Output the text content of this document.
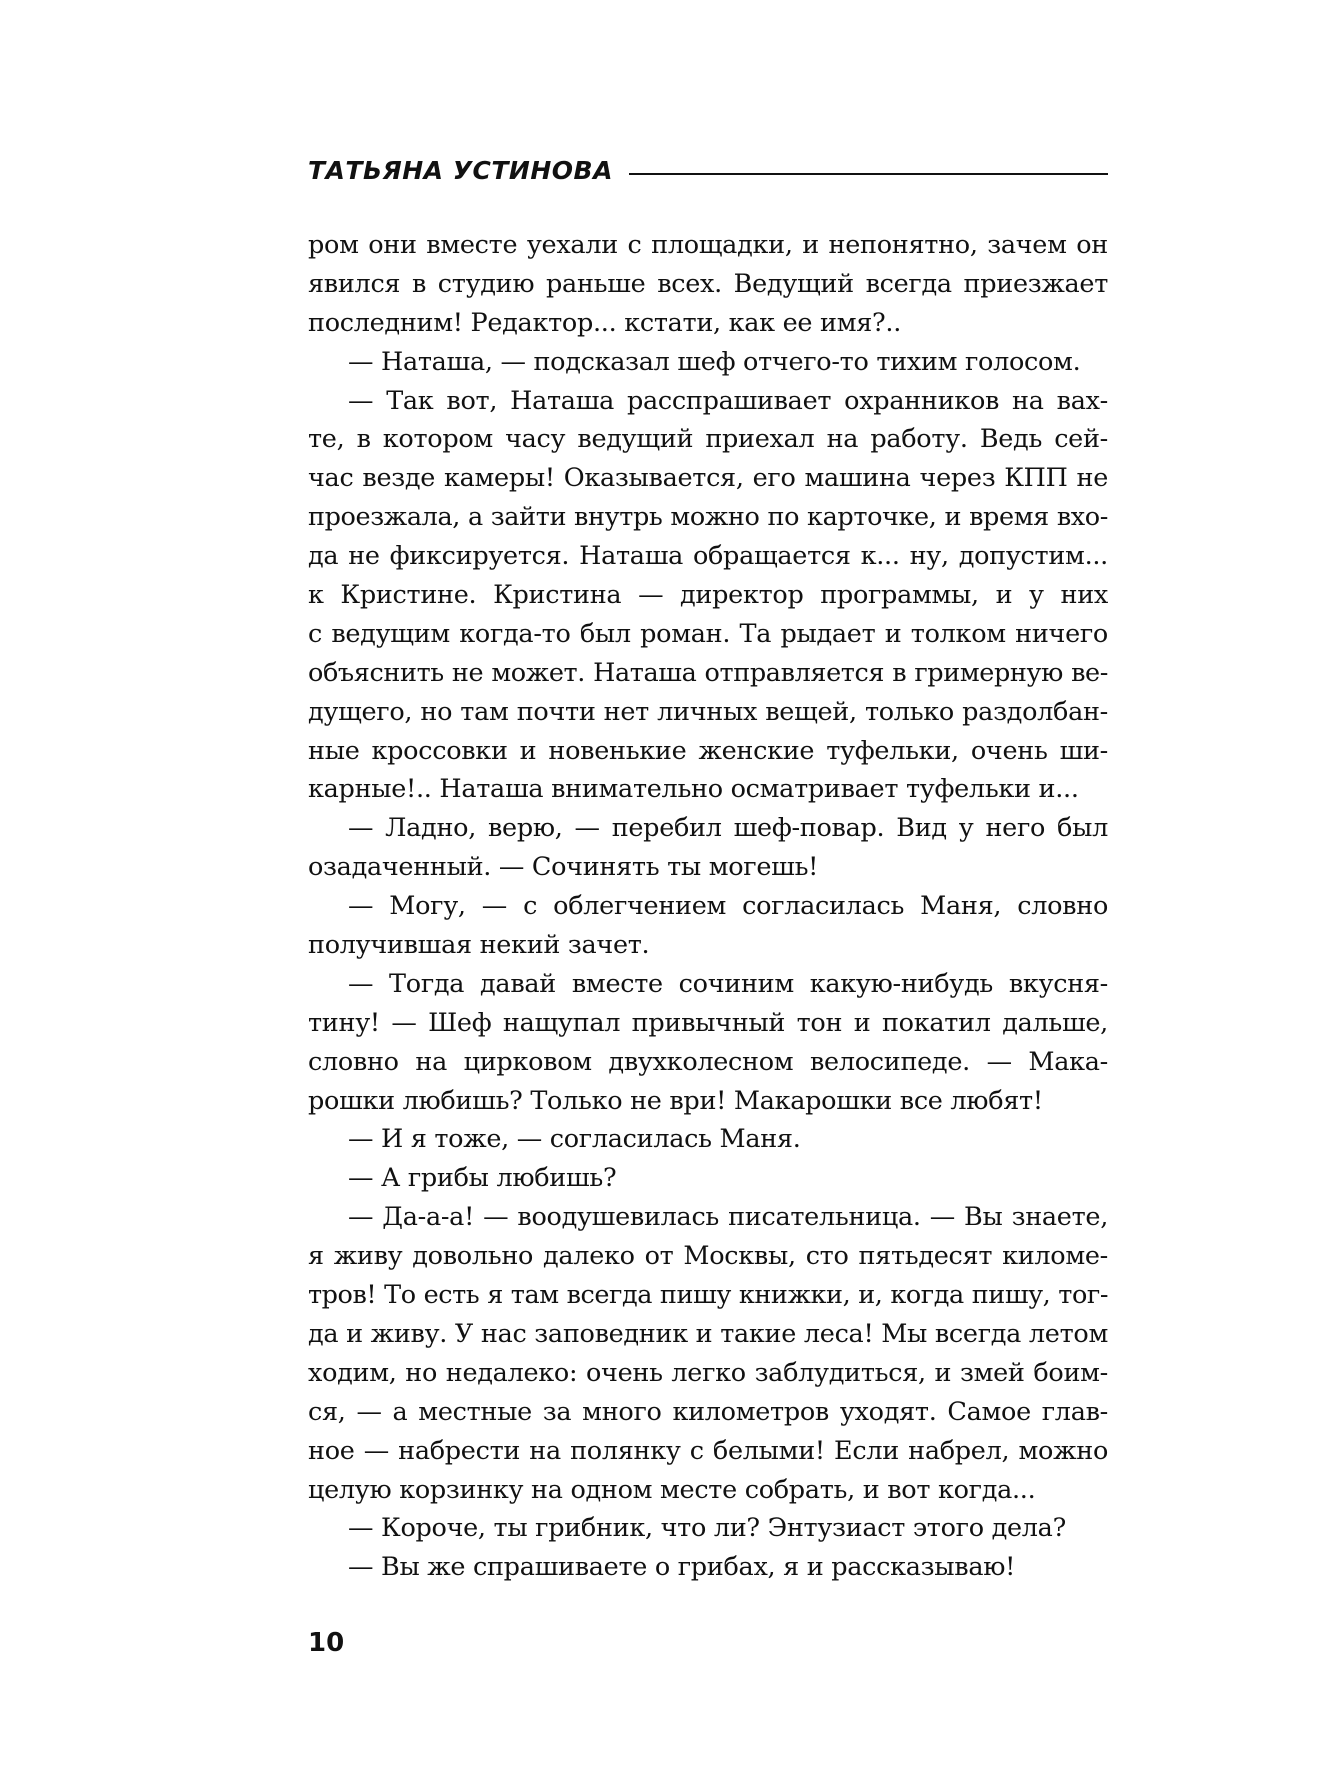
ТАТЬЯНА УСТИНОВА
ром они вместе уехали с площадки, и непонятно, зачем он
явился в студию раньше всех. Ведущий всегда приезжает
последним! Редактор... кстати, как ее имя?..
— Наташа, — подсказал шеф отчего-то тихим голосом.
— Так вот, Наташа расспрашивает охранников на вах-
те, в котором часу ведущий приехал на работу. Ведь сей-
час везде камеры! Оказывается, его машина через КПП не
проезжала, а зайти внутрь можно по карточке, и время вхо-
да не фиксируется. Наташа обращается к... ну, допустим...
к Кристине. Кристина — директор программы, и у них
с ведущим когда-то был роман. Та рыдает и толком ничего
объяснить не может. Наташа отправляется в гримерную ве-
дущего, но там почти нет личных вещей, только раздолбан-
ные кроссовки и новенькие женские туфельки, очень ши-
карные!.. Наташа внимательно осматривает туфельки и...
— Ладно, верю, — перебил шеф-повар. Вид у него был
озадаченный. — Сочинять ты могешь!
— Могу, — с облегчением согласилась Маня, словно
получившая некий зачет.
— Тогда давай вместе сочиним какую-нибудь вкусня-
тину! — Шеф нащупал привычный тон и покатил дальше,
словно на цирковом двухколесном велосипеде. — Мака-
рошки любишь? Только не ври! Макарошки все любят!
— И я тоже, — согласилась Маня.
— А грибы любишь?
— Да-а-а! — воодушевилась писательница. — Вы знаете,
я живу довольно далеко от Москвы, сто пятьдесят киломе-
тров! То есть я там всегда пишу книжки, и, когда пишу, тог-
да и живу. У нас заповедник и такие леса! Мы всегда летом
ходим, но недалеко: очень легко заблудиться, и змей боим-
ся, — а местные за много километров уходят. Самое глав-
ное — набрести на полянку с белыми! Если набрел, можно
целую корзинку на одном месте собрать, и вот когда...
— Короче, ты грибник, что ли? Энтузиаст этого дела?
— Вы же спрашиваете о грибах, я и рассказываю!
10
